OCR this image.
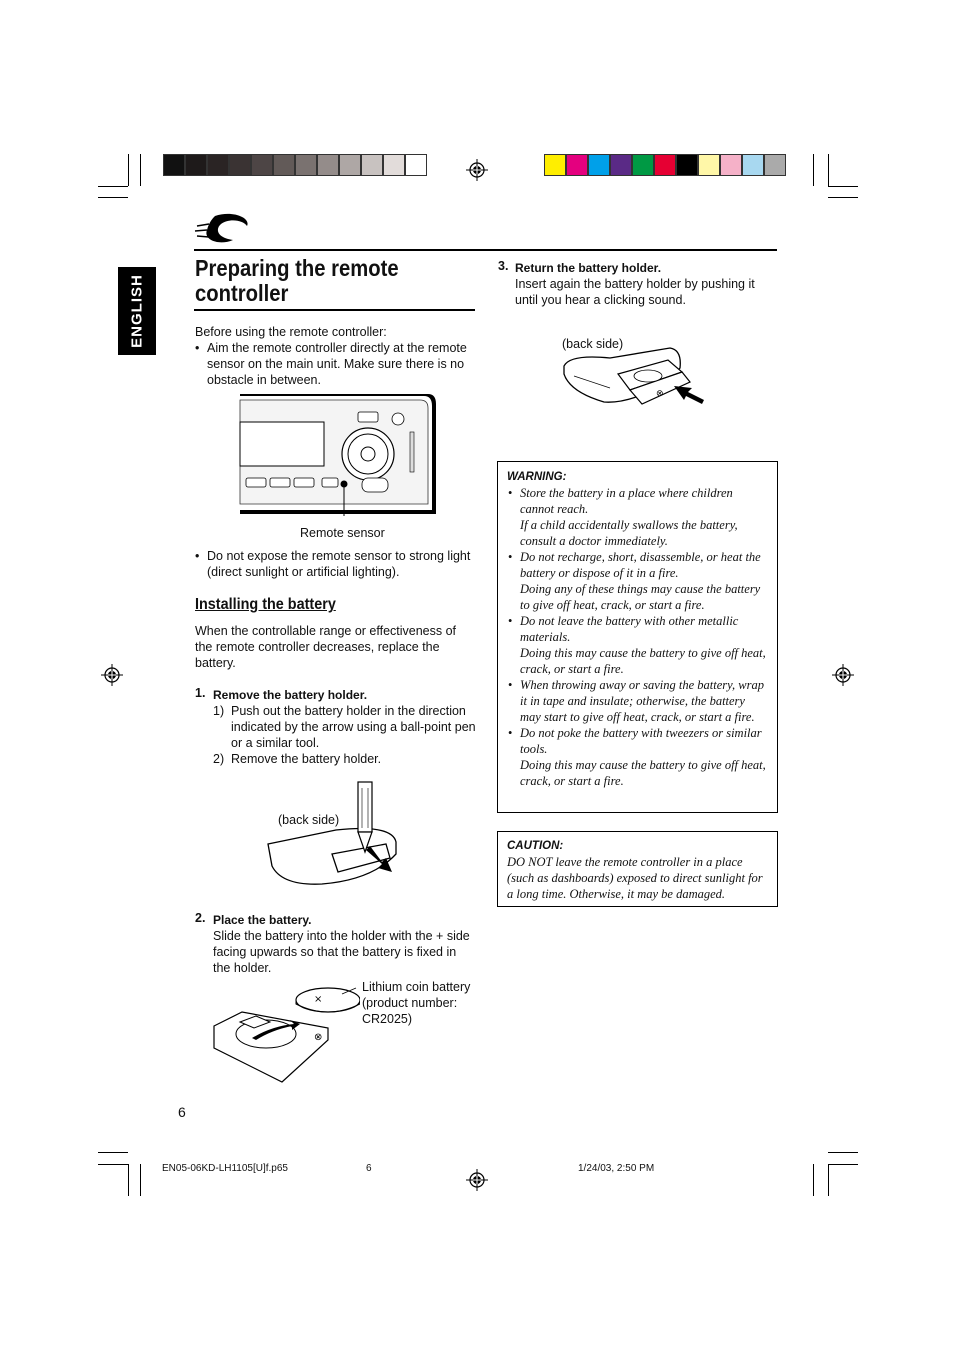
ENGLISH
Preparing the remote
controller
Before using the remote controller:
• Aim the remote controller directly at the remote sensor on the main unit. Make sure there is no obstacle in between.
Remote sensor
• Do not expose the remote sensor to strong light (direct sunlight or artificial lighting).
Installing the battery
When the controllable range or effectiveness of the remote controller decreases, replace the battery.
1. Remove the battery holder.
1) Push out the battery holder in the direction indicated by the arrow using a ball-point pen or a similar tool.
2) Remove the battery holder.
(back side)
2. Place the battery.
Slide the battery into the holder with the + side facing upwards so that the battery is fixed in the holder.
×
⊗
Lithium coin battery (product number: CR2025)
3. Return the battery holder.
Insert again the battery holder by pushing it until you hear a clicking sound.
⊗
(back side)
WARNING:
• Store the battery in a place where children cannot reach.
If a child accidentally swallows the battery, consult a doctor immediately.
• Do not recharge, short, disassemble, or heat the battery or dispose of it in a fire.
Doing any of these things may cause the battery to give off heat, crack, or start a fire.
• Do not leave the battery with other metallic materials.
Doing this may cause the battery to give off heat, crack, or start a fire.
• When throwing away or saving the battery, wrap it in tape and insulate; otherwise, the battery may start to give off heat, crack, or start a fire.
• Do not poke the battery with tweezers or similar tools.
Doing this may cause the battery to give off heat, crack, or start a fire.
CAUTION:
DO NOT leave the remote controller in a place (such as dashboards) exposed to direct sunlight for a long time. Otherwise, it may be damaged.
6
EN05-06KD-LH1105[U]f.p65	6	1/24/03, 2:50 PM
